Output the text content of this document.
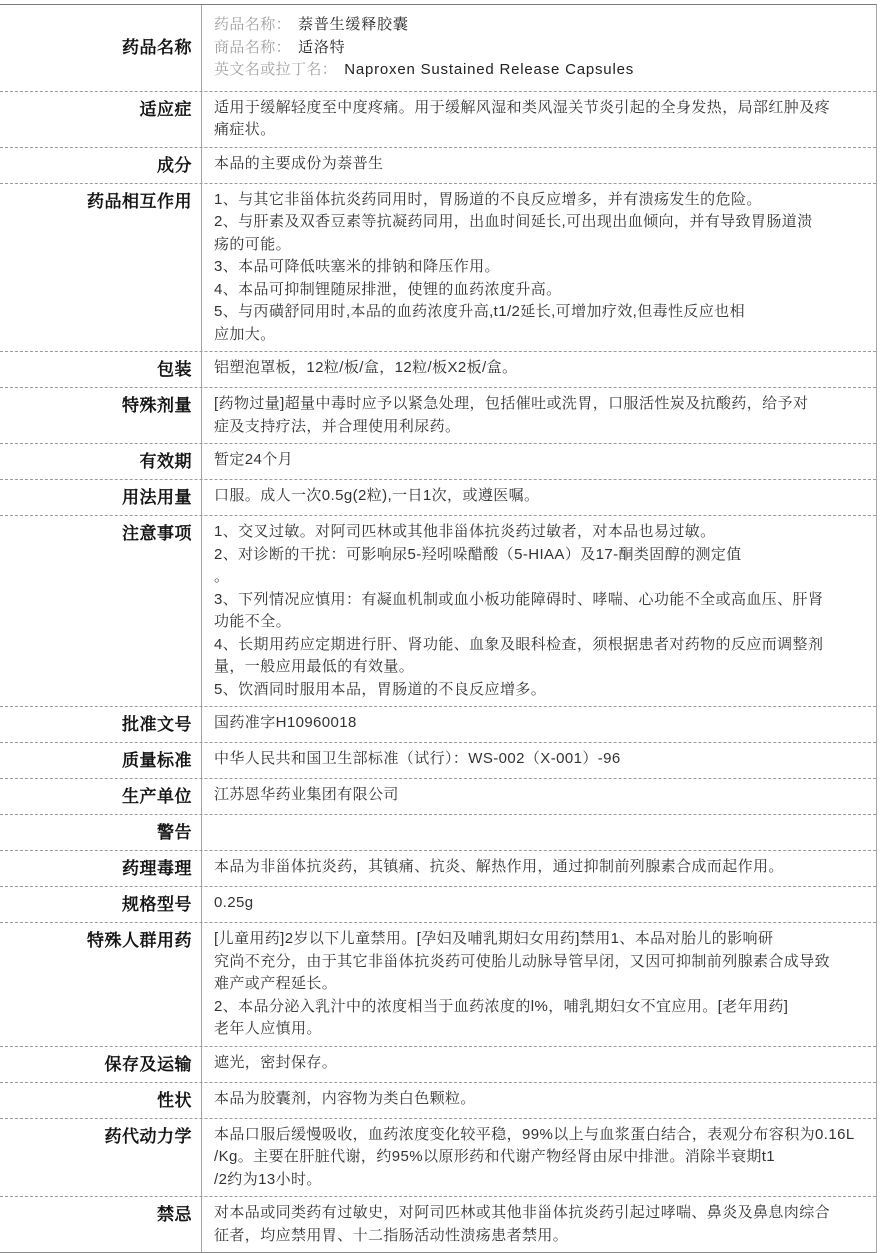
药品名称
药品名称： 萘普生缓释胶囊
商品名称： 适洛特
英文名或拉丁名： Naproxen Sustained Release Capsules
适应症 适用于缓解轻度至中度疼痛。用于缓解风湿和类风湿关节炎引起的全身发热，局部红肿及疼
痛症状。
成分 本品的主要成份为萘普生
药品相互作用 1、与其它非甾体抗炎药同用时，胃肠道的不良反应增多，并有溃疡发生的危险。
2、与肝素及双香豆素等抗凝药同用，出血时间延长,可出现出血倾向，并有导致胃肠道溃
疡的可能。
3、本品可降低呋塞米的排钠和降压作用。
4、本品可抑制锂随尿排泄，使锂的血药浓度升高。
5、与丙磺舒同用时,本品的血药浓度升高,t1/2延长,可增加疗效,但毒性反应也相
应加大。
包装 铝塑泡罩板，12粒/板/盒，12粒/板X2板/盒。
特殊剂量 [药物过量]超量中毒时应予以紧急处理，包括催吐或洗胃，口服活性炭及抗酸药，给予对
症及支持疗法，并合理使用利尿药。
有效期 暂定24个月
用法用量 口服。成人一次0.5g(2粒),一日1次，或遵医嘱。
注意事项 1、交叉过敏。对阿司匹林或其他非甾体抗炎药过敏者，对本品也易过敏。
2、对诊断的干扰：可影响尿5-羟吲哚醋酸（5-HIAA）及17-酮类固醇的测定值
。
3、下列情况应慎用：有凝血机制或血小板功能障碍时、哮喘、心功能不全或高血压、肝肾
功能不全。
4、长期用药应定期进行肝、肾功能、血象及眼科检查，须根据患者对药物的反应而调整剂
量，一般应用最低的有效量。
5、饮酒同时服用本品，胃肠道的不良反应增多。
批准文号 国药准字H10960018
质量标准 中华人民共和国卫生部标准（试行）：WS-002（X-001）-96
生产单位 江苏恩华药业集团有限公司
警告
药理毒理 本品为非甾体抗炎药，其镇痛、抗炎、解热作用，通过抑制前列腺素合成而起作用。
规格型号 0.25g
特殊人群用药 [儿童用药]2岁以下儿童禁用。[孕妇及哺乳期妇女用药]禁用1、本品对胎儿的影响研
究尚不充分，由于其它非甾体抗炎药可使胎儿动脉导管早闭，又因可抑制前列腺素合成导致
难产或产程延长。
2、本品分泌入乳汁中的浓度相当于血药浓度的l%，哺乳期妇女不宜应用。[老年用药]
老年人应慎用。
保存及运输 遮光，密封保存。
性状 本品为胶囊剂，内容物为类白色颗粒。
药代动力学 本品口服后缓慢吸收，血药浓度变化较平稳，99%以上与血浆蛋白结合，表观分布容积为0.16L
/Kg。主要在肝脏代谢，约95%以原形药和代谢产物经肾由尿中排泄。消除半衰期t1
/2约为13小时。
禁忌 对本品或同类药有过敏史，对阿司匹林或其他非甾体抗炎药引起过哮喘、鼻炎及鼻息肉综合
征者，均应禁用胃、十二指肠活动性溃疡患者禁用。
